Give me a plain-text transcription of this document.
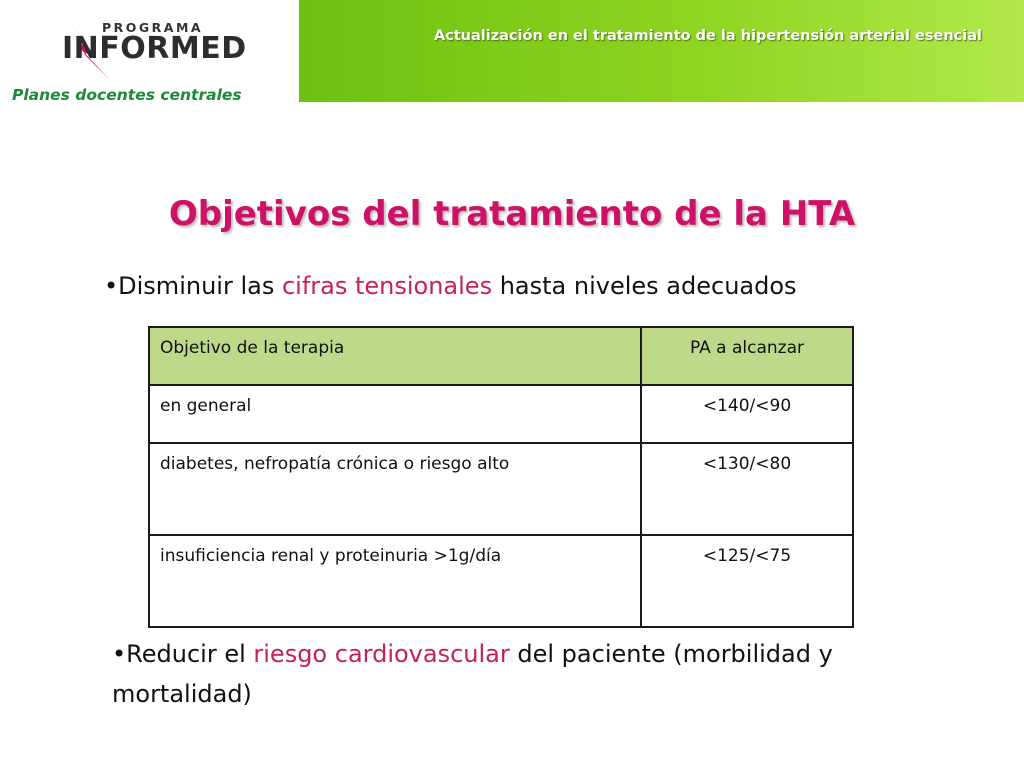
PROGRAMA
INFORMED
Planes docentes centrales
Actualización en el tratamiento de la hipertensión arterial esencial
Objetivos del tratamiento de la HTA
•Disminuir las cifras tensionales hasta niveles adecuados
Objetivo de la terapia	PA a alcanzar
en general	<140/<90
diabetes, nefropatía crónica o riesgo alto	<130/<80
insuficiencia renal y proteinuria >1g/día	<125/<75
•Reducir el riesgo cardiovascular del paciente (morbilidad y mortalidad)
